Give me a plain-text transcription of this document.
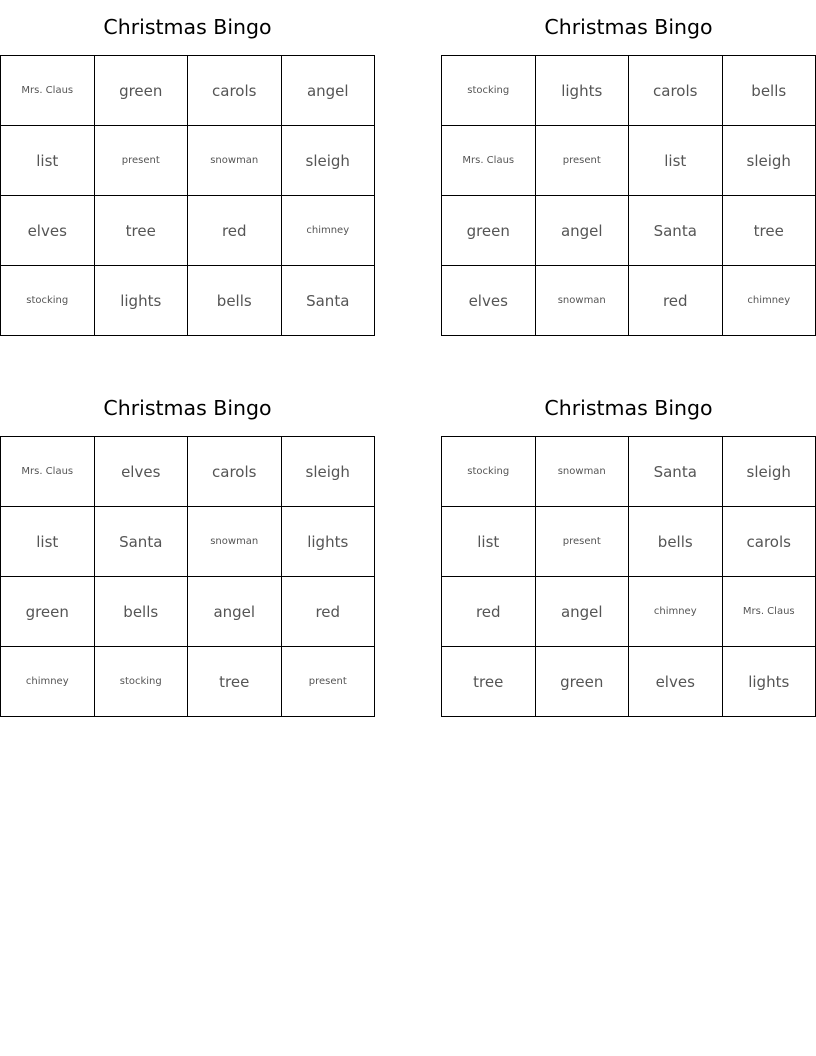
Christmas Bingo
Mrs. Claus	green	carols	angel
list	present	snowman	sleigh
elves	tree	red	chimney
stocking	lights	bells	Santa
Christmas Bingo
stocking	lights	carols	bells
Mrs. Claus	present	list	sleigh
green	angel	Santa	tree
elves	snowman	red	chimney
Christmas Bingo
Mrs. Claus	elves	carols	sleigh
list	Santa	snowman	lights
green	bells	angel	red
chimney	stocking	tree	present
Christmas Bingo
stocking	snowman	Santa	sleigh
list	present	bells	carols
red	angel	chimney	Mrs. Claus
tree	green	elves	lights
